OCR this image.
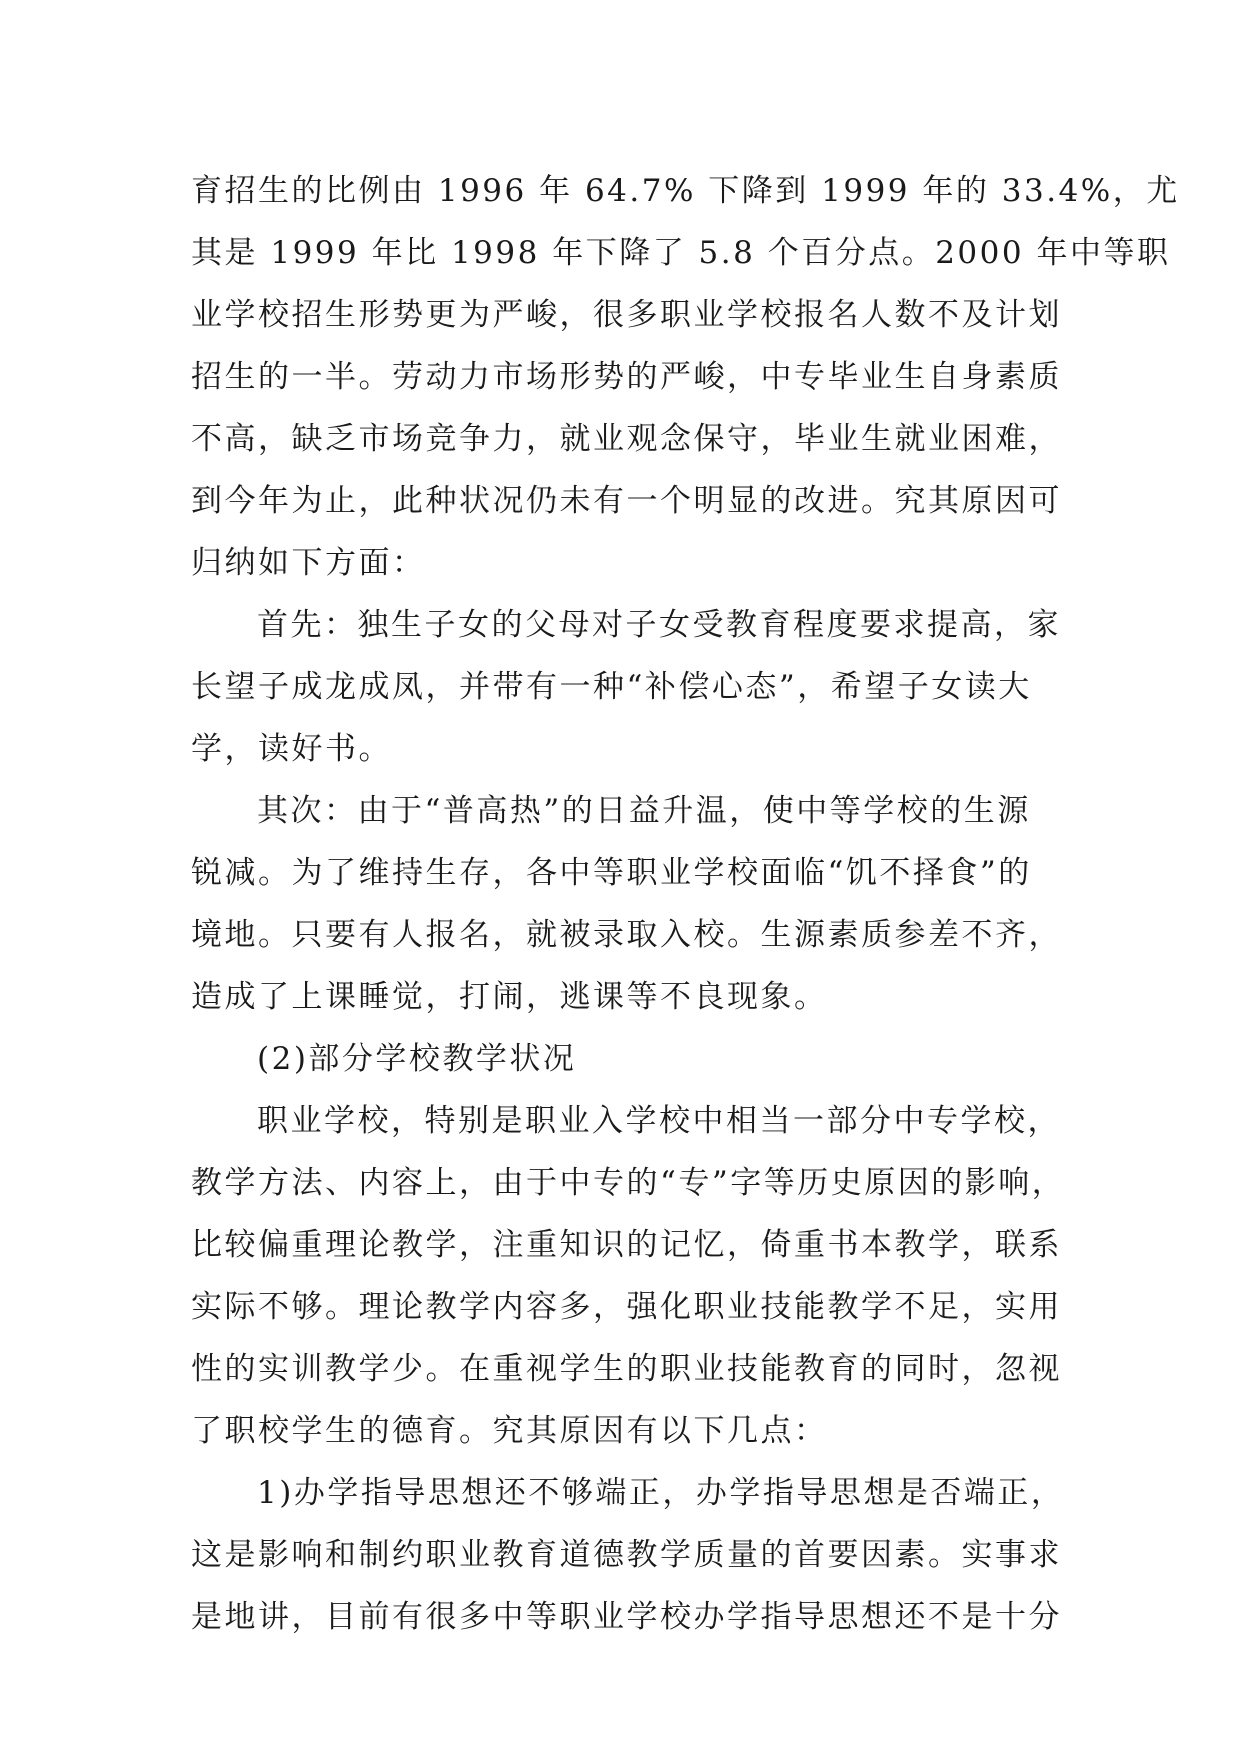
育招生的比例由 1996 年 64.7% 下降到 1999 年的 33.4%，尤
其是 1999 年比 1998 年下降了 5.8 个百分点。2000 年中等职
业学校招生形势更为严峻，很多职业学校报名人数不及计划
招生的一半。劳动力市场形势的严峻，中专毕业生自身素质
不高，缺乏市场竞争力，就业观念保守，毕业生就业困难，
到今年为止，此种状况仍未有一个明显的改进。究其原因可
归纳如下方面：
首先：独生子女的父母对子女受教育程度要求提高，家
长望子成龙成凤，并带有一种“补偿心态”，希望子女读大
学，读好书。
其次：由于“普高热”的日益升温，使中等学校的生源
锐减。为了维持生存，各中等职业学校面临“饥不择食”的
境地。只要有人报名，就被录取入校。生源素质参差不齐，
造成了上课睡觉，打闹，逃课等不良现象。
(2)部分学校教学状况
职业学校，特别是职业入学校中相当一部分中专学校，
教学方法、内容上，由于中专的“专”字等历史原因的影响，
比较偏重理论教学，注重知识的记忆，倚重书本教学，联系
实际不够。理论教学内容多，强化职业技能教学不足，实用
性的实训教学少。在重视学生的职业技能教育的同时，忽视
了职校学生的德育。究其原因有以下几点：
1)办学指导思想还不够端正，办学指导思想是否端正，
这是影响和制约职业教育道德教学质量的首要因素。实事求
是地讲，目前有很多中等职业学校办学指导思想还不是十分
